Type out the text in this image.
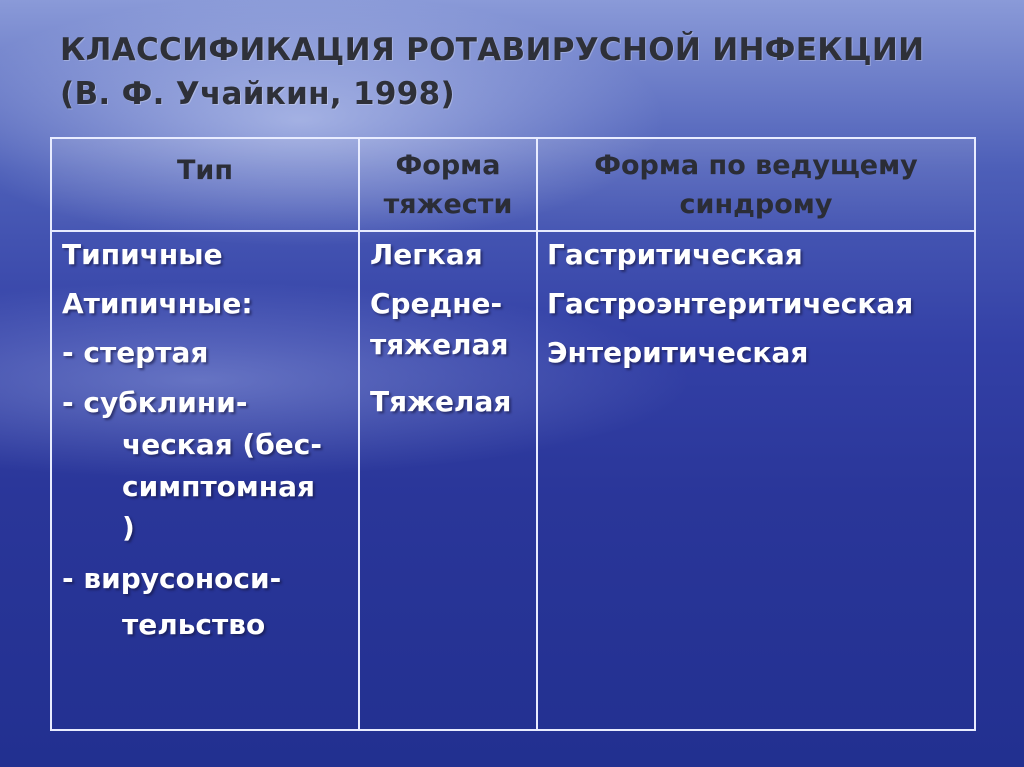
КЛАССИФИКАЦИЯ РОТАВИРУСНОЙ ИНФЕКЦИИ
(В. Ф. Учайкин, 1998)
Тип	Форма
тяжести
Форма по ведущему
синдрому
Типичные
Атипичные:
- стертая
- субклини-
ческая (бес-
симптомная
)
- вирусоноси-
тельство
Легкая
Средне-
тяжелая
Тяжелая
Гастритическая
Гастроэнтеритическая
Энтеритическая
